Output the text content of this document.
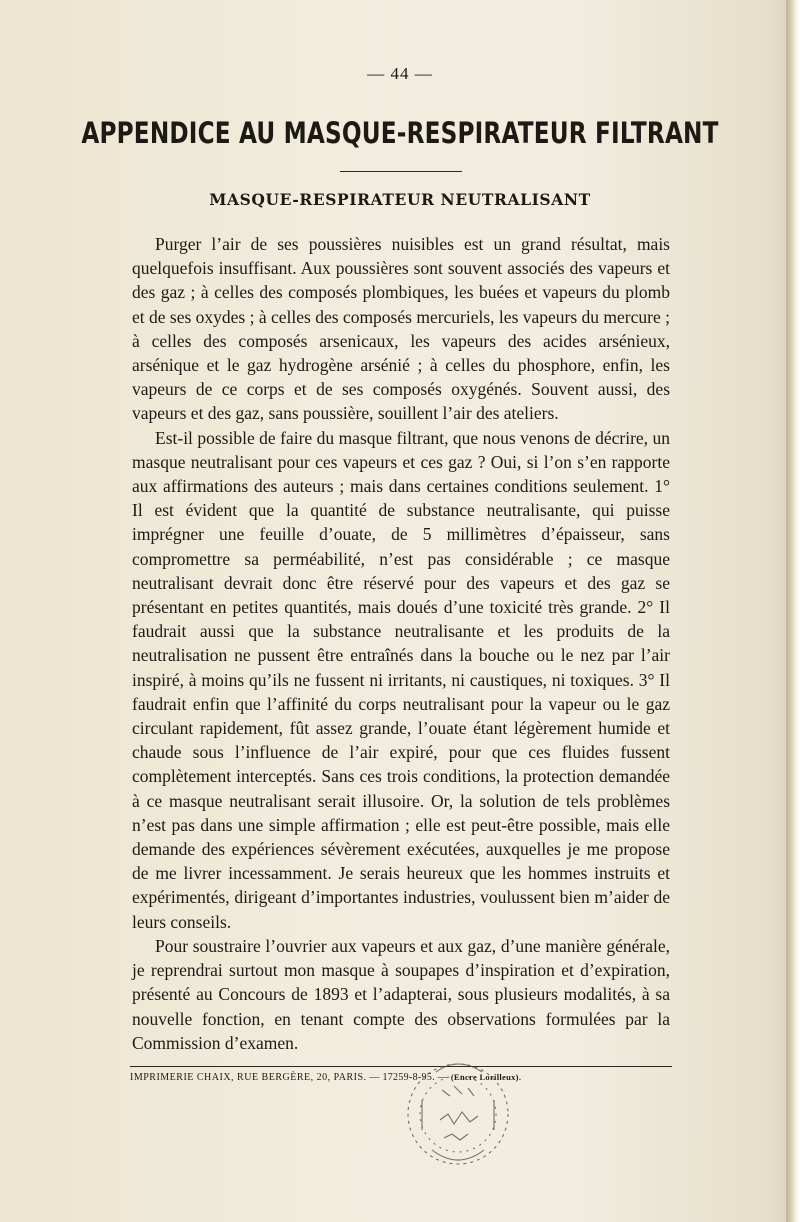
— 44 —
APPENDICE AU MASQUE-RESPIRATEUR FILTRANT
MASQUE-RESPIRATEUR NEUTRALISANT

Purger l’air de ses poussières nuisibles est un grand résultat, mais quelquefois insuffisant. Aux poussières sont souvent associés des vapeurs et des gaz ; à celles des composés plombiques, les buées et vapeurs du plomb et de ses oxydes ; à celles des composés mercuriels, les vapeurs du mercure ; à celles des composés arsenicaux, les vapeurs des acides arsénieux, arsénique et le gaz hydrogène arsénié ; à celles du phosphore, enfin, les vapeurs de ce corps et de ses composés oxygénés. Souvent aussi, des vapeurs et des gaz, sans poussière, souillent l’air des ateliers.

Est-il possible de faire du masque filtrant, que nous venons de décrire, un masque neutralisant pour ces vapeurs et ces gaz ? Oui, si l’on s’en rapporte aux affirmations des auteurs ; mais dans certaines conditions seulement. 1° Il est évident que la quantité de substance neutralisante, qui puisse imprégner une feuille d’ouate, de 5 millimètres d’épaisseur, sans compromettre sa perméabilité, n’est pas considérable ; ce masque neutralisant devrait donc être réservé pour des vapeurs et des gaz se présentant en petites quantités, mais doués d’une toxicité très grande. 2° Il faudrait aussi que la substance neutralisante et les produits de la neutralisation ne pussent être entraînés dans la bouche ou le nez par l’air inspiré, à moins qu’ils ne fussent ni irritants, ni caustiques, ni toxiques. 3° Il faudrait enfin que l’affinité du corps neutralisant pour la vapeur ou le gaz circulant rapidement, fût assez grande, l’ouate étant légèrement humide et chaude sous l’influence de l’air expiré, pour que ces fluides fussent complètement interceptés. Sans ces trois conditions, la protection demandée à ce masque neutralisant serait illusoire. Or, la solution de tels problèmes n’est pas dans une simple affirmation ; elle est peut-être possible, mais elle demande des expériences sévèrement exécutées, auxquelles je me propose de me livrer incessamment. Je serais heureux que les hommes instruits et expérimentés, dirigeant d’importantes industries, voulussent bien m’aider de leurs conseils.

Pour soustraire l’ouvrier aux vapeurs et aux gaz, d’une manière générale, je reprendrai surtout mon masque à soupapes d’inspiration et d’expiration, présenté au Concours de 1893 et l’adapterai, sous plusieurs modalités, à sa nouvelle fonction, en tenant compte des observations formulées par la Commission d’examen.

IMPRIMERIE CHAIX, RUE BERGÈRE, 20, PARIS. — 17259-8-95. — (Encre Lorilleux).
